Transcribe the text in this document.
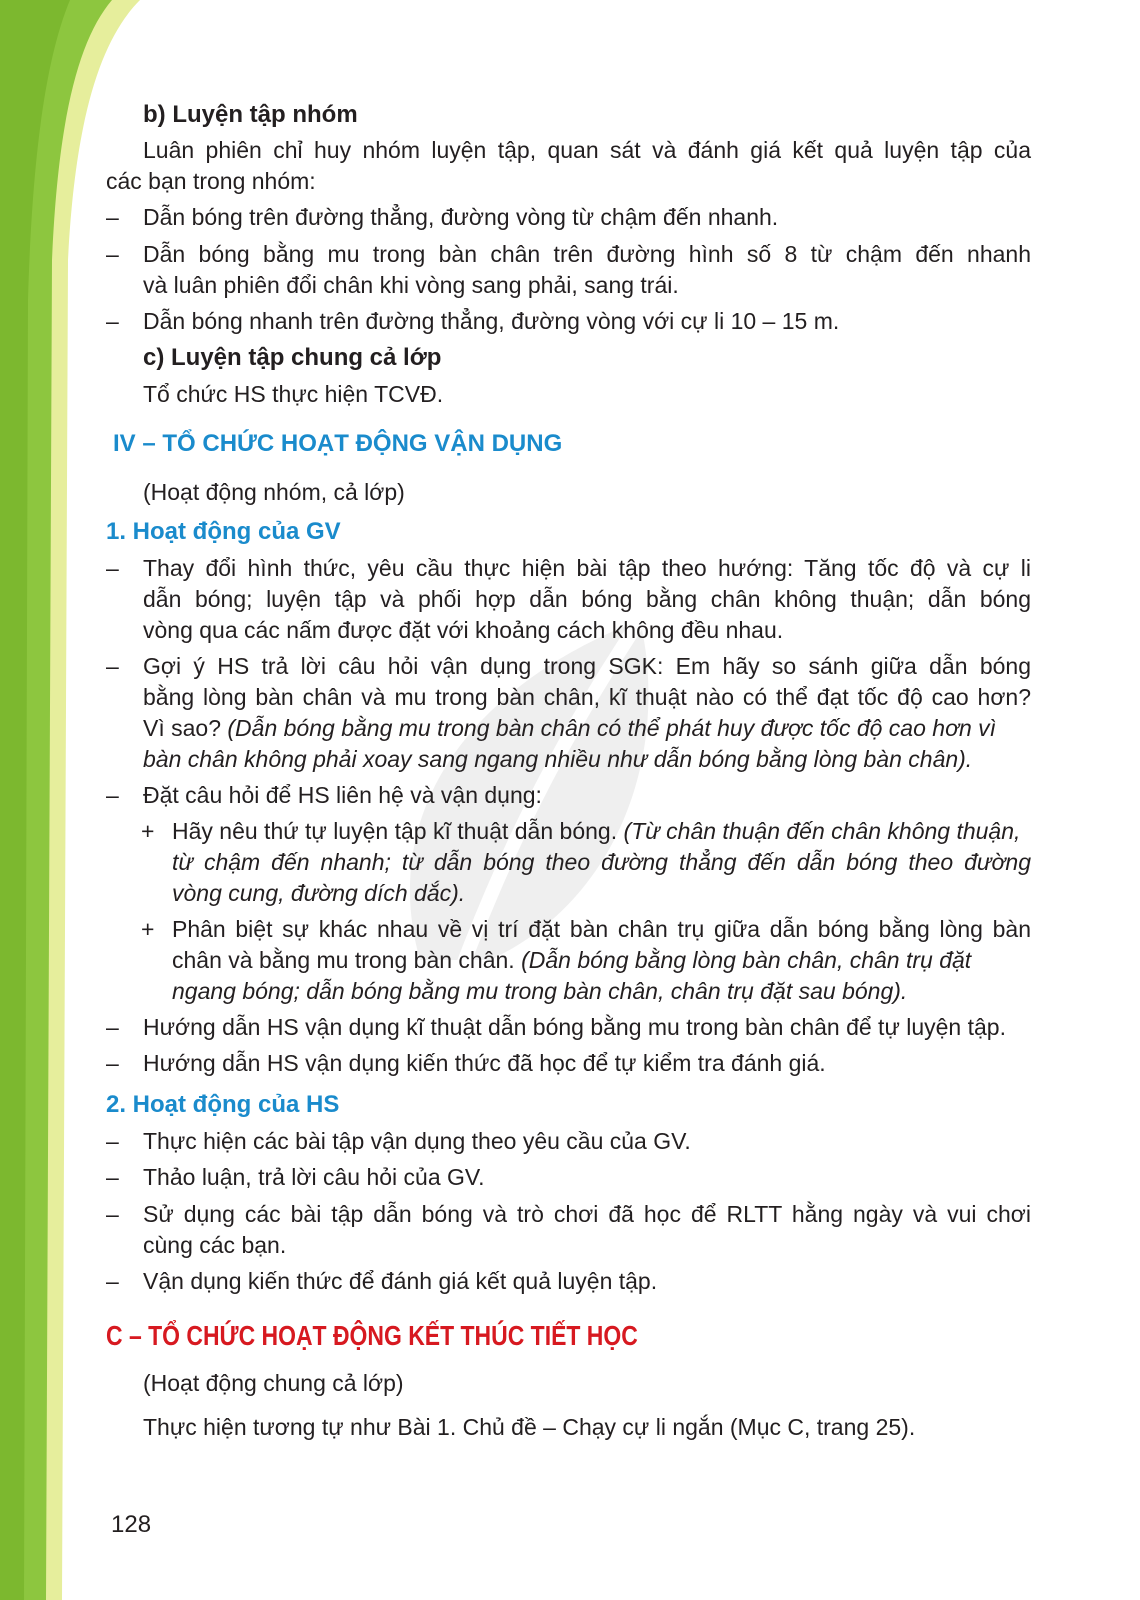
b) Luyện tập nhóm
Luân phiên chỉ huy nhóm luyện tập, quan sát và đánh giá kết quả luyện tập của
các bạn trong nhóm:
– Dẫn bóng trên đường thẳng, đường vòng từ chậm đến nhanh.
– Dẫn bóng bằng mu trong bàn chân trên đường hình số 8 từ chậm đến nhanh
và luân phiên đổi chân khi vòng sang phải, sang trái.
– Dẫn bóng nhanh trên đường thẳng, đường vòng với cự li 10 – 15 m.
c) Luyện tập chung cả lớp
Tổ chức HS thực hiện TCVĐ.
IV – TỔ CHỨC HOẠT ĐỘNG VẬN DỤNG
(Hoạt động nhóm, cả lớp)
1. Hoạt động của GV
– Thay đổi hình thức, yêu cầu thực hiện bài tập theo hướng: Tăng tốc độ và cự li
dẫn bóng; luyện tập và phối hợp dẫn bóng bằng chân không thuận; dẫn bóng
vòng qua các nấm được đặt với khoảng cách không đều nhau.
– Gợi ý HS trả lời câu hỏi vận dụng trong SGK: Em hãy so sánh giữa dẫn bóng
bằng lòng bàn chân và mu trong bàn chân, kĩ thuật nào có thể đạt tốc độ cao hơn?
Vì sao? (Dẫn bóng bằng mu trong bàn chân có thể phát huy được tốc độ cao hơn vì
bàn chân không phải xoay sang ngang nhiều như dẫn bóng bằng lòng bàn chân).
– Đặt câu hỏi để HS liên hệ và vận dụng:
+ Hãy nêu thứ tự luyện tập kĩ thuật dẫn bóng. (Từ chân thuận đến chân không thuận,
từ chậm đến nhanh; từ dẫn bóng theo đường thẳng đến dẫn bóng theo đường
vòng cung, đường dích dắc).
+ Phân biệt sự khác nhau về vị trí đặt bàn chân trụ giữa dẫn bóng bằng lòng bàn
chân và bằng mu trong bàn chân. (Dẫn bóng bằng lòng bàn chân, chân trụ đặt
ngang bóng; dẫn bóng bằng mu trong bàn chân, chân trụ đặt sau bóng).
– Hướng dẫn HS vận dụng kĩ thuật dẫn bóng bằng mu trong bàn chân để tự luyện tập.
– Hướng dẫn HS vận dụng kiến thức đã học để tự kiểm tra đánh giá.
2. Hoạt động của HS
– Thực hiện các bài tập vận dụng theo yêu cầu của GV.
– Thảo luận, trả lời câu hỏi của GV.
– Sử dụng các bài tập dẫn bóng và trò chơi đã học để RLTT hằng ngày và vui chơi
cùng các bạn.
– Vận dụng kiến thức để đánh giá kết quả luyện tập.
C – TỔ CHỨC HOẠT ĐỘNG KẾT THÚC TIẾT HỌC
(Hoạt động chung cả lớp)
Thực hiện tương tự như Bài 1. Chủ đề – Chạy cự li ngắn (Mục C, trang 25).
128
